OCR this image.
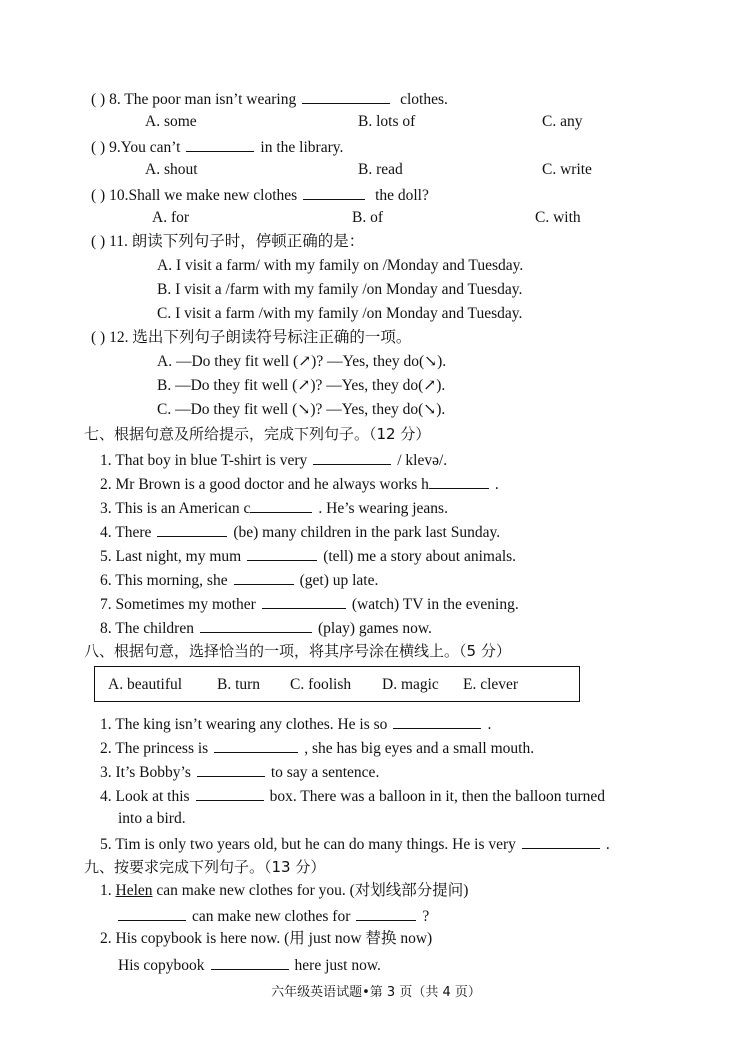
( ) 8. The poor man isn’t wearing	clothes.
A. some	B. lots of	C. any
( ) 9.You can’t	in the library.
A. shout	B. read	C. write
( ) 10.Shall we make new clothes	the doll?
A. for	B. of	C. with
( ) 11. 朗读下列句子时，停顿正确的是：
A. I visit a farm/ with my family on /Monday and Tuesday.
B. I visit a /farm with my family /on Monday and Tuesday.
C. I visit a farm /with my family /on Monday and Tuesday.
( ) 12. 选出下列句子朗读符号标注正确的一项。
A. —Do they fit well (↗)? —Yes, they do(↘).
B. —Do they fit well (↗)? —Yes, they do(↗).
C. —Do they fit well (↘)? —Yes, they do(↘).
七、根据句意及所给提示，完成下列句子。（12 分）
1. That boy in blue T-shirt is very	/ klevə/.
2. Mr Brown is a good doctor and he always works h	.
3. This is an American c	. He’s wearing jeans.
4. There	(be) many children in the park last Sunday.
5. Last night, my mum	(tell) me a story about animals.
6. This morning, she	(get) up late.
7. Sometimes my mother	(watch) TV in the evening.
8. The children	(play) games now.
八、根据句意，选择恰当的一项，将其序号涂在横线上。（5 分）
A. beautiful B. turn C. foolish D. magic E. clever
1. The king isn’t wearing any clothes. He is so	.
2. The princess is	, she has big eyes and a small mouth.
3. It’s Bobby’s	to say a sentence.
4. Look at this	box. There was a balloon in it, then the balloon turned
into a bird.
5. Tim is only two years old, but he can do many things. He is very	.
九、按要求完成下列句子。（13 分）
1. Helen can make new clothes for you. (对划线部分提问)
can make new clothes for	?
2. His copybook is here now. (用 just now 替换 now)
His copybook	here just now.
六年级英语试题•第 3 页（共 4 页）
